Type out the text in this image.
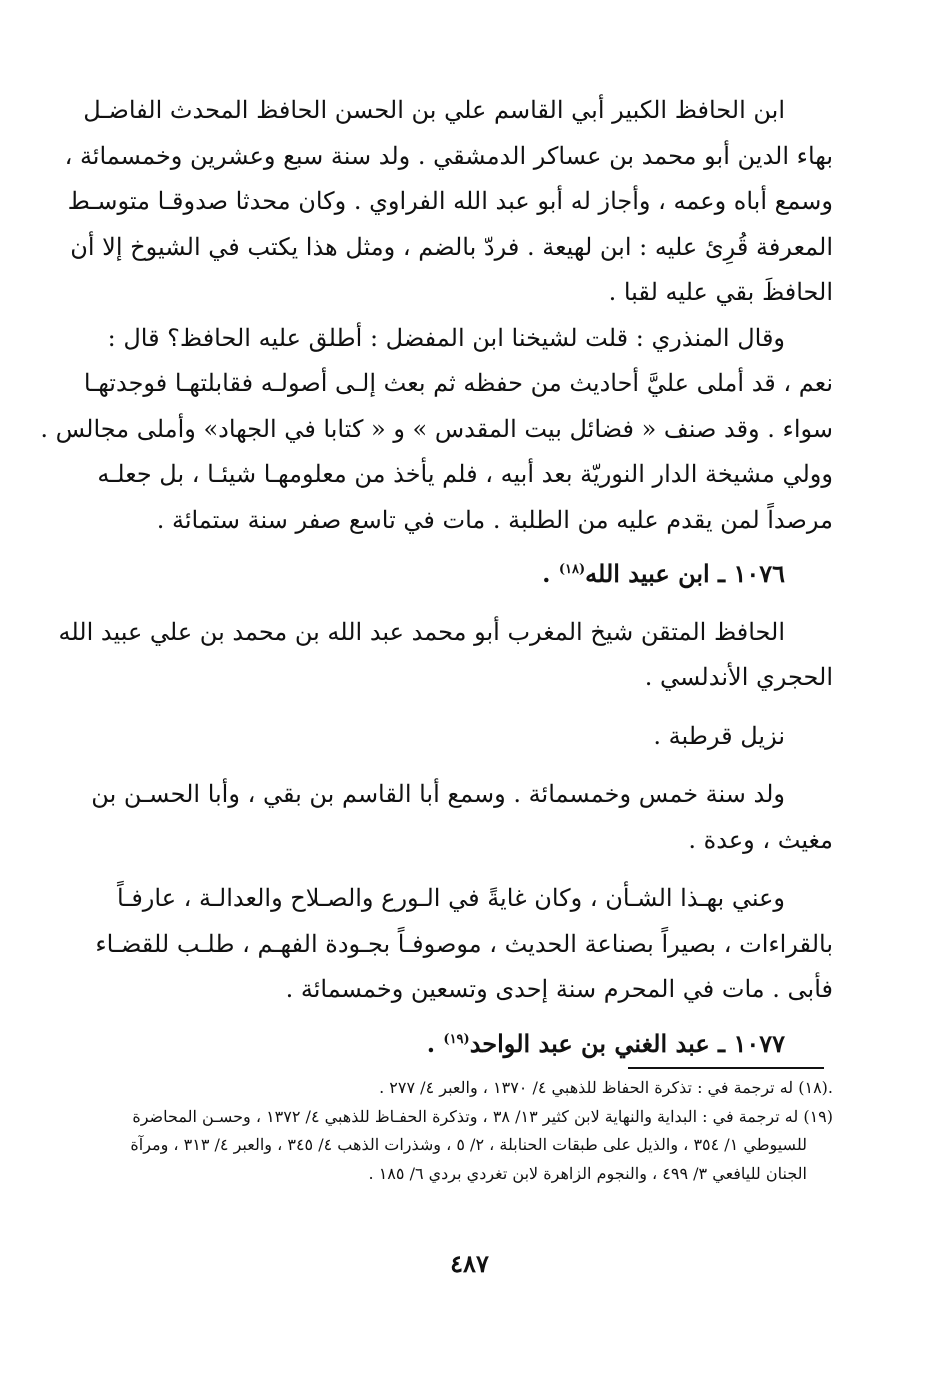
ابن الحافظ الكبير أبي القاسم علي بن الحسن الحافظ المحدث الفاضـل
بهاء الدين أبو محمد بن عساكر الدمشقي . ولد سنة سبع وعشرين وخمسمائة ،
وسمع أباه وعمه ، وأجاز له أبو عبد الله الفراوي . وكان محدثا صدوقـا متوسـط
المعرفة قُرِئ عليه : ابن لهيعة . فردّ بالضم ، ومثل هذا يكتب في الشيوخ إلا أن
الحافظَ بقي عليه لقبا .
وقال المنذري : قلت لشيخنا ابن المفضل : أطلق عليه الحافظ؟ قال :
نعم ، قد أملى عليَّ أحاديث من حفظه ثم بعث إلـى أصولـه فقابلتهـا فوجدتهـا
سواء . وقد صنف « فضائل بيت المقدس » و « كتابا في الجهاد» وأملى مجالس .
وولي مشيخة الدار النوريّة بعد أبيه ، فلم يأخذ من معلومهـا شيئـا ، بل جعلـه
مرصداً لمن يقدم عليه من الطلبة . مات في تاسع صفر سنة ستمائة .
١٠٧٦ ـ ابن عبيد الله$^{(١٨)}$ .
الحافظ المتقن شيخ المغرب أبو محمد عبد الله بن محمد بن علي عبيد الله
الحجري الأندلسي .
نزيل قرطبة .
ولد سنة خمس وخمسمائة . وسمع أبا القاسم بن بقي ، وأبا الحسـن بن
مغيث ، وعدة .
وعني بهـذا الشـأن ، وكان غايةً في الـورع والصـلاح والعدالـة ، عارفـاً
بالقراءات ، بصيراً بصناعة الحديث ، موصوفـاً بجـودة الفهـم ، طلـب للقضـاء
فأبى . مات في المحرم سنة إحدى وتسعين وخمسمائة .
١٠٧٧ ـ عبد الغني بن عبد الواحد$^{(١٩)}$ .
.(١٨) له ترجمة في : تذكرة الحفاظ للذهبي ٤/ ١٣٧٠ ، والعبر ٤/ ٢٧٧ .
(١٩) له ترجمة في : البداية والنهاية لابن كثير ١٣/ ٣٨ ، وتذكرة الحفـاظ للذهبي ٤/ ١٣٧٢ ، وحسـن المحاضرة
للسيوطي ١/ ٣٥٤ ، والذيل على طبقات الحنابلة ، ٢/ ٥ ، وشذرات الذهب ٤/ ٣٤٥ ، والعبر ٤/ ٣١٣ ، ومرآة
الجنان لليافعي ٣/ ٤٩٩ ، والنجوم الزاهرة لابن تغردي بردي ٦/ ١٨٥ .
٤٨٧
